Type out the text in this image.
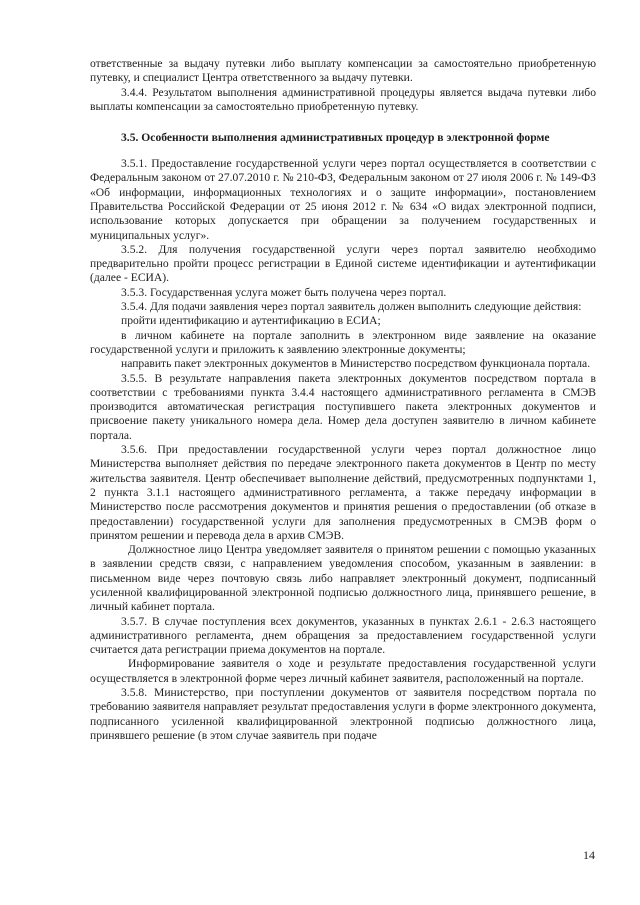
ответственные за выдачу путевки либо выплату компенсации за самостоятельно приобретенную путевку, и специалист Центра ответственного за выдачу путевки.

3.4.4. Результатом выполнения административной процедуры является выдача путевки либо выплаты компенсации за самостоятельно приобретенную путевку.

3.5. Особенности выполнения административных процедур в электронной форме

3.5.1. Предоставление государственной услуги через портал осуществляется в соответствии с Федеральным законом от 27.07.2010 г. № 210-ФЗ, Федеральным законом от 27 июля 2006 г. № 149-ФЗ «Об информации, информационных технологиях и о защите информации», постановлением Правительства Российской Федерации от 25 июня 2012 г. № 634 «О видах электронной подписи, использование которых допускается при обращении за получением государственных и муниципальных услуг».

3.5.2. Для получения государственной услуги через портал заявителю необходимо предварительно пройти процесс регистрации в Единой системе идентификации и аутентификации (далее - ЕСИА).

3.5.3. Государственная услуга может быть получена через портал.

3.5.4. Для подачи заявления через портал заявитель должен выполнить следующие действия:

пройти идентификацию и аутентификацию в ЕСИА;

в личном кабинете на портале заполнить в электронном виде заявление на оказание государственной услуги и приложить к заявлению электронные документы;

направить пакет электронных документов в Министерство посредством функционала портала.

3.5.5. В результате направления пакета электронных документов посредством портала в соответствии с требованиями пункта 3.4.4 настоящего административного регламента в СМЭВ производится автоматическая регистрация поступившего пакета электронных документов и присвоение пакету уникального номера дела. Номер дела доступен заявителю в личном кабинете портала.

3.5.6. При предоставлении государственной услуги через портал должностное лицо Министерства выполняет действия по передаче электронного пакета документов в Центр по месту жительства заявителя. Центр обеспечивает выполнение действий, предусмотренных подпунктами 1, 2 пункта 3.1.1 настоящего административного регламента, а также передачу информации в Министерство после рассмотрения документов и принятия решения о предоставлении (об отказе в предоставлении) государственной услуги для заполнения предусмотренных в СМЭВ форм о принятом решении и перевода дела в архив СМЭВ.

Должностное лицо Центра уведомляет заявителя о принятом решении с помощью указанных в заявлении средств связи, с направлением уведомления способом, указанным в заявлении: в письменном виде через почтовую связь либо направляет электронный документ, подписанный усиленной квалифицированной электронной подписью должностного лица, принявшего решение, в личный кабинет портала.

3.5.7. В случае поступления всех документов, указанных в пунктах 2.6.1 - 2.6.3 настоящего административного регламента, днем обращения за предоставлением государственной услуги считается дата регистрации приема документов на портале.

Информирование заявителя о ходе и результате предоставления государственной услуги осуществляется в электронной форме через личный кабинет заявителя, расположенный на портале.

3.5.8. Министерство, при поступлении документов от заявителя посредством портала по требованию заявителя направляет результат предоставления услуги в форме электронного документа, подписанного усиленной квалифицированной электронной подписью должностного лица, принявшего решение (в этом случае заявитель при подаче

14
